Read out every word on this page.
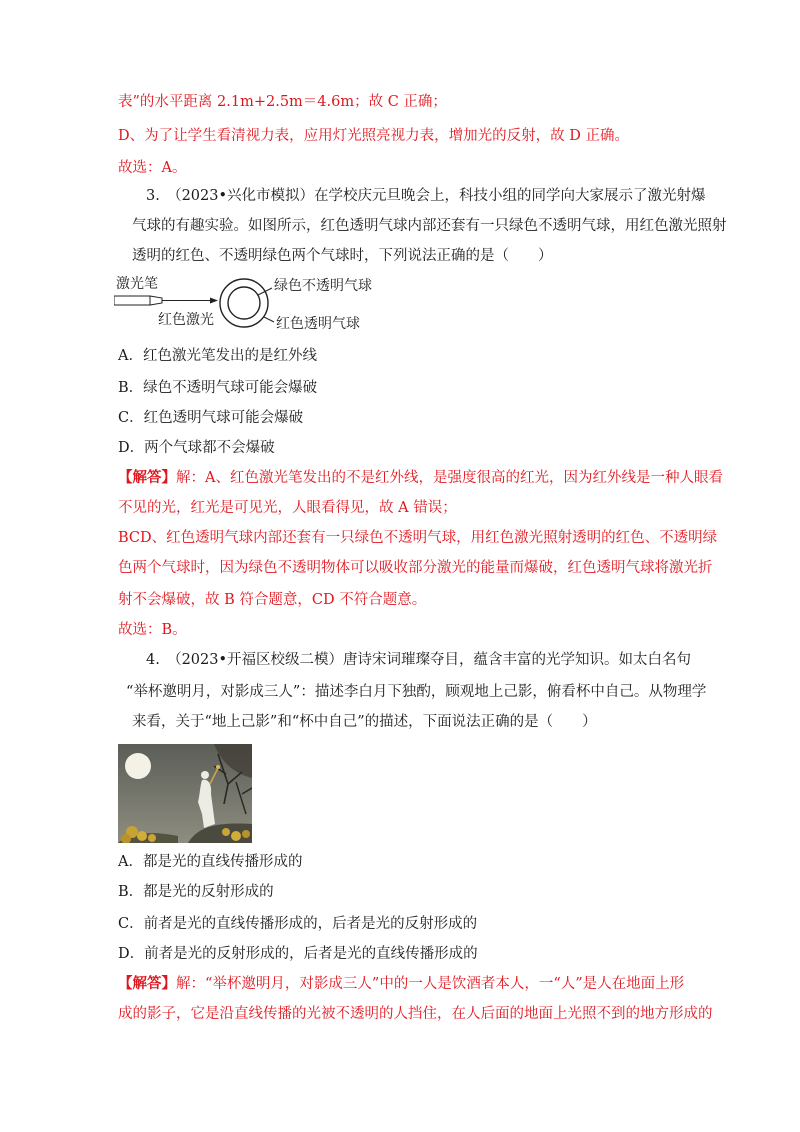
表”的水平距离 2.1m+2.5m＝4.6m；故 C 正确；
D、为了让学生看清视力表，应用灯光照亮视力表，增加光的反射，故 D 正确。
故选：A。
3.　（2023•兴化市模拟）在学校庆元旦晚会上，科技小组的同学向大家展示了激光射爆
气球的有趣实验。如图所示，红色透明气球内部还套有一只绿色不透明气球，用红色激光照射
透明的红色、不透明绿色两个气球时，下列说法正确的是（　　）
激光笔
红色激光
绿色不透明气球
红色透明气球
A．红色激光笔发出的是红外线
B．绿色不透明气球可能会爆破
C．红色透明气球可能会爆破
D．两个气球都不会爆破
【解答】解：A、红色激光笔发出的不是红外线，是强度很高的红光，因为红外线是一种人眼看
不见的光，红光是可见光，人眼看得见，故 A 错误；
BCD、红色透明气球内部还套有一只绿色不透明气球，用红色激光照射透明的红色、不透明绿
色两个气球时，因为绿色不透明物体可以吸收部分激光的能量而爆破，红色透明气球将激光折
射不会爆破，故 B 符合题意，CD 不符合题意。
故选：B。
4.　（2023•开福区校级二模）唐诗宋词璀璨夺目，蕴含丰富的光学知识。如太白名句
“举杯邀明月，对影成三人”：描述李白月下独酌，顾观地上己影，俯看杯中自己。从物理学
来看，关于“地上己影”和“杯中自己”的描述，下面说法正确的是（　　）
A．都是光的直线传播形成的
B．都是光的反射形成的
C．前者是光的直线传播形成的，后者是光的反射形成的
D．前者是光的反射形成的，后者是光的直线传播形成的
【解答】解：“举杯邀明月，对影成三人”中的一人是饮酒者本人，一“人”是人在地面上形
成的影子，它是沿直线传播的光被不透明的人挡住，在人后面的地面上光照不到的地方形成的
